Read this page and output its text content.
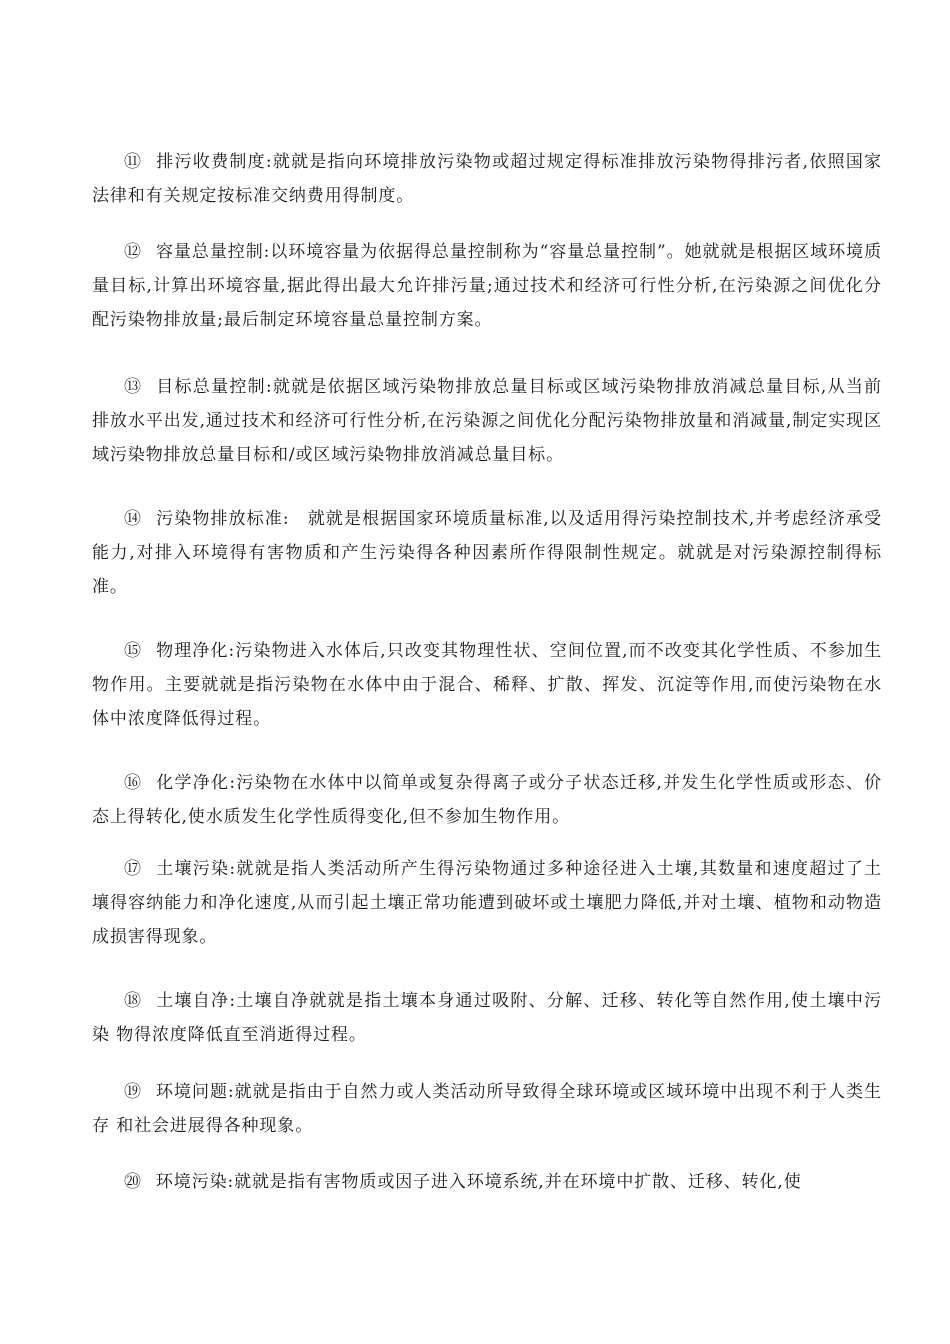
⑪ 排污收费制度:就就是指向环境排放污染物或超过规定得标准排放污染物得排污者,依照国家法律和有关规定按标准交纳费用得制度。

⑫ 容量总量控制:以环境容量为依据得总量控制称为“容量总量控制”。她就就是根据区域环境质量目标,计算出环境容量,据此得出最大允许排污量;通过技术和经济可行性分析,在污染源之间优化分配污染物排放量;最后制定环境容量总量控制方案。

⑬ 目标总量控制:就就是依据区域污染物排放总量目标或区域污染物排放消减总量目标,从当前排放水平出发,通过技术和经济可行性分析,在污染源之间优化分配污染物排放量和消减量,制定实现区域污染物排放总量目标和/或区域污染物排放消减总量目标。

⑭ 污染物排放标准:　就就是根据国家环境质量标准,以及适用得污染控制技术,并考虑经济承受能力,对排入环境得有害物质和产生污染得各种因素所作得限制性规定。就就是对污染源控制得标准。

⑮ 物理净化:污染物进入水体后,只改变其物理性状、空间位置,而不改变其化学性质、不参加生物作用。主要就就是指污染物在水体中由于混合、稀释、扩散、挥发、沉淀等作用,而使污染物在水体中浓度降低得过程。

⑯ 化学净化:污染物在水体中以简单或复杂得离子或分子状态迁移,并发生化学性质或形态、价态上得转化,使水质发生化学性质得变化,但不参加生物作用。

⑰ 土壤污染:就就是指人类活动所产生得污染物通过多种途径进入土壤,其数量和速度超过了土壤得容纳能力和净化速度,从而引起土壤正常功能遭到破坏或土壤肥力降低,并对土壤、植物和动物造成损害得现象。

⑱ 土壤自净:土壤自净就就是指土壤本身通过吸附、分解、迁移、转化等自然作用,使土壤中污染 物得浓度降低直至消逝得过程。

⑲ 环境问题:就就是指由于自然力或人类活动所导致得全球环境或区域环境中出现不利于人类生存 和社会进展得各种现象。

⑳ 环境污染:就就是指有害物质或因子进入环境系统,并在环境中扩散、迁移、转化,使
